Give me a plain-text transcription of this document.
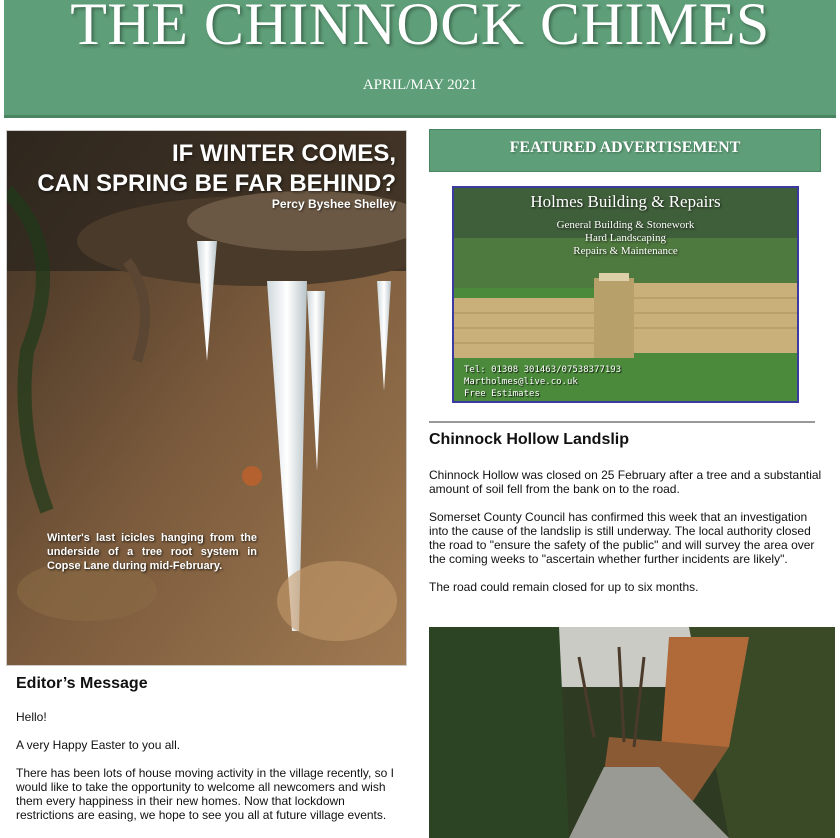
THE CHINNOCK CHIMES
APRIL/MAY 2021
IF WINTER COMES,
CAN SPRING BE FAR BEHIND?
Percy Byshee Shelley
Winter's last icicles hanging from the underside of a tree root system in Copse Lane during mid-February.
Editor’s Message

Hello!

A very Happy Easter to you all.

There has been lots of house moving activity in the village recently, so I would like to take the opportunity to welcome all newcomers and wish them every happiness in their new homes. Now that lockdown restrictions are easing, we hope to see you all at future village events.

FEATURED ADVERTISEMENT
Holmes Building & Repairs
General Building & Stonework
Hard Landscaping
Repairs & Maintenance
Tel: 01308 301463/07538377193
Martholmes@live.co.uk
Free Estimates
Chinnock Hollow Landslip

Chinnock Hollow was closed on 25 February after a tree and a substantial amount of soil fell from the bank on to the road.

Somerset County Council has confirmed this week that an investigation into the cause of the landslip is still underway. The local authority closed the road to "ensure the safety of the public" and will survey the area over the coming weeks to "ascertain whether further incidents are likely".

The road could remain closed for up to six months.
